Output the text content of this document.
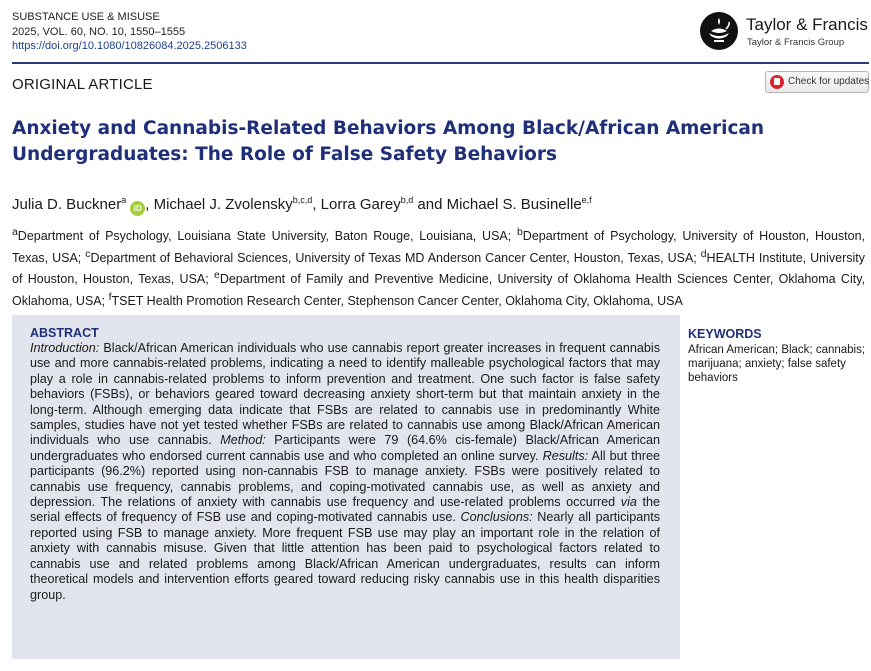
SUBSTANCE USE & MISUSE
2025, VOL. 60, NO. 10, 1550–1555
https://doi.org/10.1080/10826084.2025.2506133
Taylor & Francis
Taylor & Francis Group
ORIGINAL ARTICLE	Check for updates
Anxiety and Cannabis-Related Behaviors Among Black/African American Undergraduates: The Role of False Safety Behaviors
Julia D. Buckner$^a$iD , Michael J. Zvolensky$^{b,c,d}$, Lorra Garey$^{b,d}$ and Michael S. Businelle$^{e,f}$
$^a$Department of Psychology, Louisiana State University, Baton Rouge, Louisiana, USA; $^b$Department of Psychology, University of Houston, Houston, Texas, USA; $^c$Department of Behavioral Sciences, University of Texas MD Anderson Cancer Center, Houston, Texas, USA; $^d$HEALTH Institute, University of Houston, Houston, Texas, USA; $^e$Department of Family and Preventive Medicine, University of Oklahoma Health Sciences Center, Oklahoma City, Oklahoma, USA; $^f$TSET Health Promotion Research Center, Stephenson Cancer Center, Oklahoma City, Oklahoma, USA
ABSTRACT

Introduction: Black/African American individuals who use cannabis report greater increases in frequent cannabis use and more cannabis-related problems, indicating a need to identify malleable psychological factors that may play a role in cannabis-related problems to inform prevention and treatment. One such factor is false safety behaviors (FSBs), or behaviors geared toward decreasing anxiety short-term but that maintain anxiety in the long-term. Although emerging data indicate that FSBs are related to cannabis use in predominantly White samples, studies have not yet tested whether FSBs are related to cannabis use among Black/African American individuals who use cannabis. Method: Participants were 79 (64.6% cis-female) Black/African American undergraduates who endorsed current cannabis use and who completed an online survey. Results: All but three participants (96.2%) reported using non-cannabis FSB to manage anxiety. FSBs were positively related to cannabis use frequency, cannabis problems, and coping-motivated cannabis use, as well as anxiety and depression. The relations of anxiety with cannabis use frequency and use-related problems occurred via the serial effects of frequency of FSB use and coping-motivated cannabis use. Conclusions: Nearly all participants reported using FSB to manage anxiety. More frequent FSB use may play an important role in the relation of anxiety with cannabis misuse. Given that little attention has been paid to psychological factors related to cannabis use and related problems among Black/African American undergraduates, results can inform theoretical models and intervention efforts geared toward reducing risky cannabis use in this health disparities group.

KEYWORDS
African American; Black; cannabis; marijuana; anxiety; false safety behaviors
